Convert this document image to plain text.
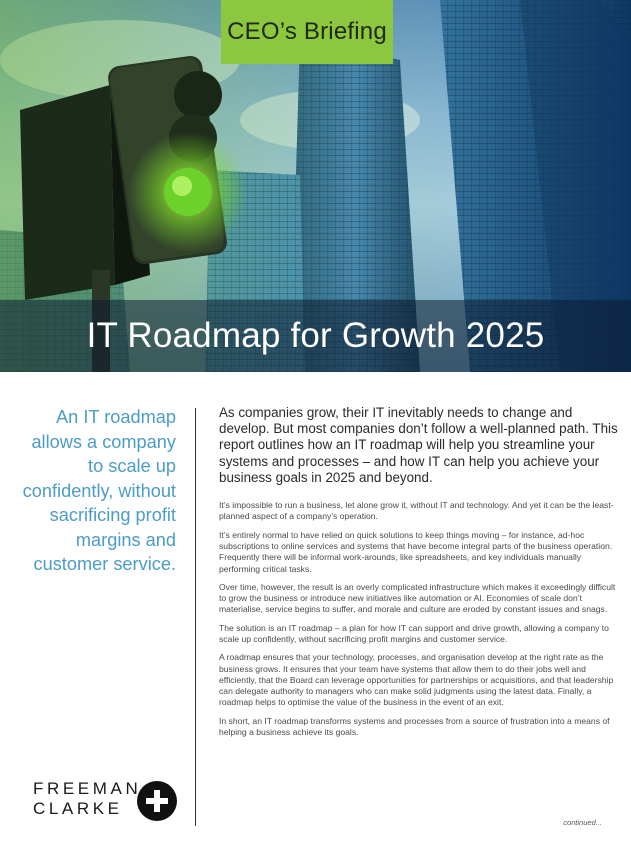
CEO’s Briefing
IT Roadmap for Growth 2025
An IT roadmap allows a company to scale up confidently, without sacrificing profit margins and customer service.
FREEMAN
CLARKE

As companies grow, their IT inevitably needs to change and develop. But most companies don’t follow a well-planned path. This report outlines how an IT roadmap will help you streamline your systems and processes – and how IT can help you achieve your business goals in 2025 and beyond.

It’s impossible to run a business, let alone grow it, without IT and technology. And yet it can be the least-planned aspect of a company’s operation.

It’s entirely normal to have relied on quick solutions to keep things moving – for instance, ad-hoc subscriptions to online services and systems that have become integral parts of the business operation. Frequently there will be informal work-arounds, like spreadsheets, and key individuals manually performing critical tasks.

Over time, however, the result is an overly complicated infrastructure which makes it exceedingly difficult to grow the business or introduce new initiatives like automation or AI. Economies of scale don’t materialise, service begins to suffer, and morale and culture are eroded by constant issues and snags.

The solution is an IT roadmap – a plan for how IT can support and drive growth, allowing a company to scale up confidently, without sacrificing profit margins and customer service.

A roadmap ensures that your technology, processes, and organisation develop at the right rate as the business grows. It ensures that your team have systems that allow them to do their jobs well and efficiently, that the Board can leverage opportunities for partnerships or acquisitions, and that leadership can delegate authority to managers who can make solid judgments using the latest data. Finally, a roadmap helps to optimise the value of the business in the event of an exit.

In short, an IT roadmap transforms systems and processes from a source of frustration into a means of helping a business achieve its goals.

continued...
